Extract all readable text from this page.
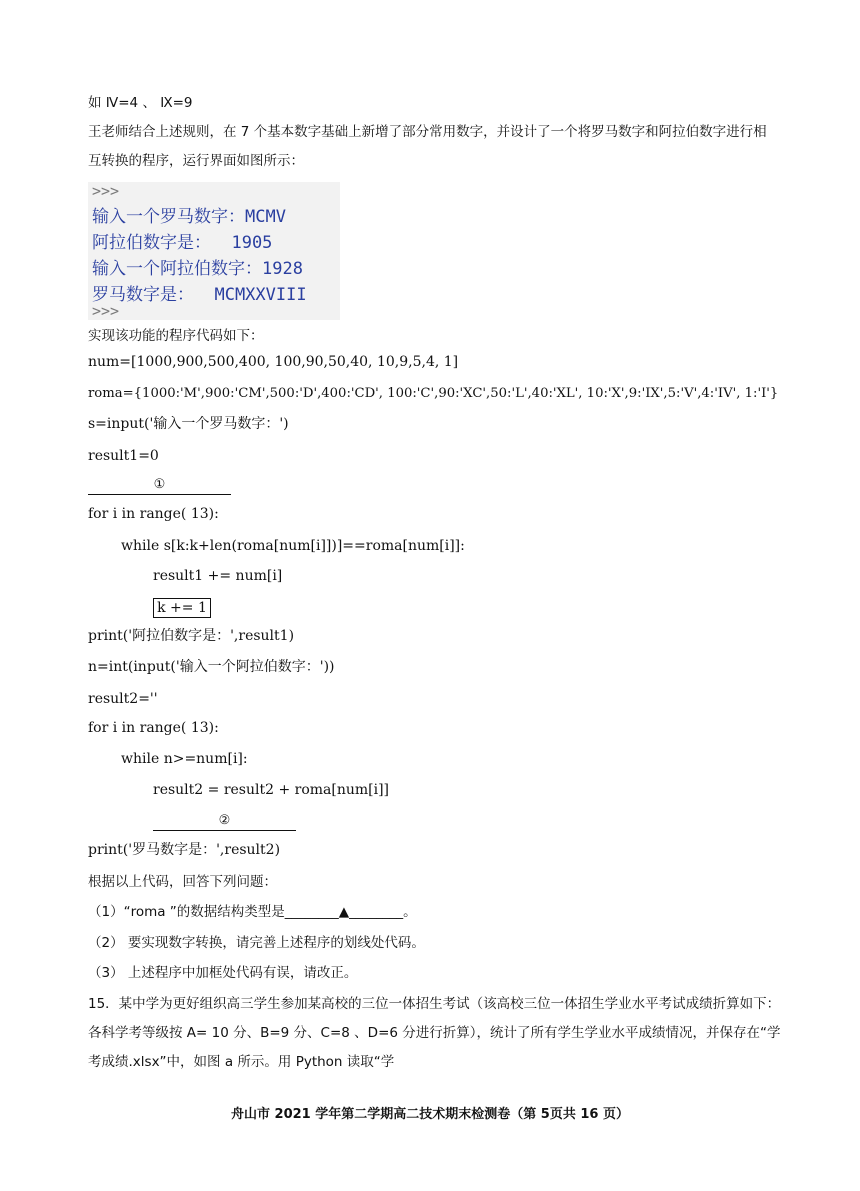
如 Ⅳ=4 、 Ⅸ=9
王老师结合上述规则，在 7 个基本数字基础上新增了部分常用数字，并设计了一个将罗马数字和阿拉伯数字进行相互转换的程序，运行界面如图所示：
>>>
输入一个罗马数字：MCMV
阿拉伯数字是：  1905
输入一个阿拉伯数字：1928
罗马数字是：  MCMXXVIII
>>>
实现该功能的程序代码如下：
num=[1000,900,500,400, 100,90,50,40, 10,9,5,4, 1]
roma={1000:'M',900:'CM',500:'D',400:'CD', 100:'C',90:'XC',50:'L',40:'XL', 10:'X',9:'IX',5:'V',4:'IV', 1:'I'}
s=input('输入一个罗马数字：')
result1=0
①
for i in range( 13):
while s[k:k+len(roma[num[i]])]==roma[num[i]]:
result1 += num[i]
k += 1
print('阿拉伯数字是：',result1)
n=int(input('输入一个阿拉伯数字：'))
result2=''
for i in range( 13):
while n>=num[i]:
result2 = result2 + roma[num[i]]
②
print('罗马数字是：',result2)
根据以上代码，回答下列问题：
（1）“roma ”的数据结构类型是________▲________。
（2） 要实现数字转换，请完善上述程序的划线处代码。
（3） 上述程序中加框处代码有误，请改正。
15．某中学为更好组织高三学生参加某高校的三位一体招生考试（该高校三位一体招生学业水平考试成绩折算如下：各科学考等级按 A= 10 分、B=9 分、C=8 、D=6 分进行折算），统计了所有学生学业水平成绩情况，并保存在“学考成绩.xlsx”中，如图 a 所示。用 Python 读取“学
舟山市 2021 学年第二学期高二技术期末检测卷（第 5页共 16 页）
